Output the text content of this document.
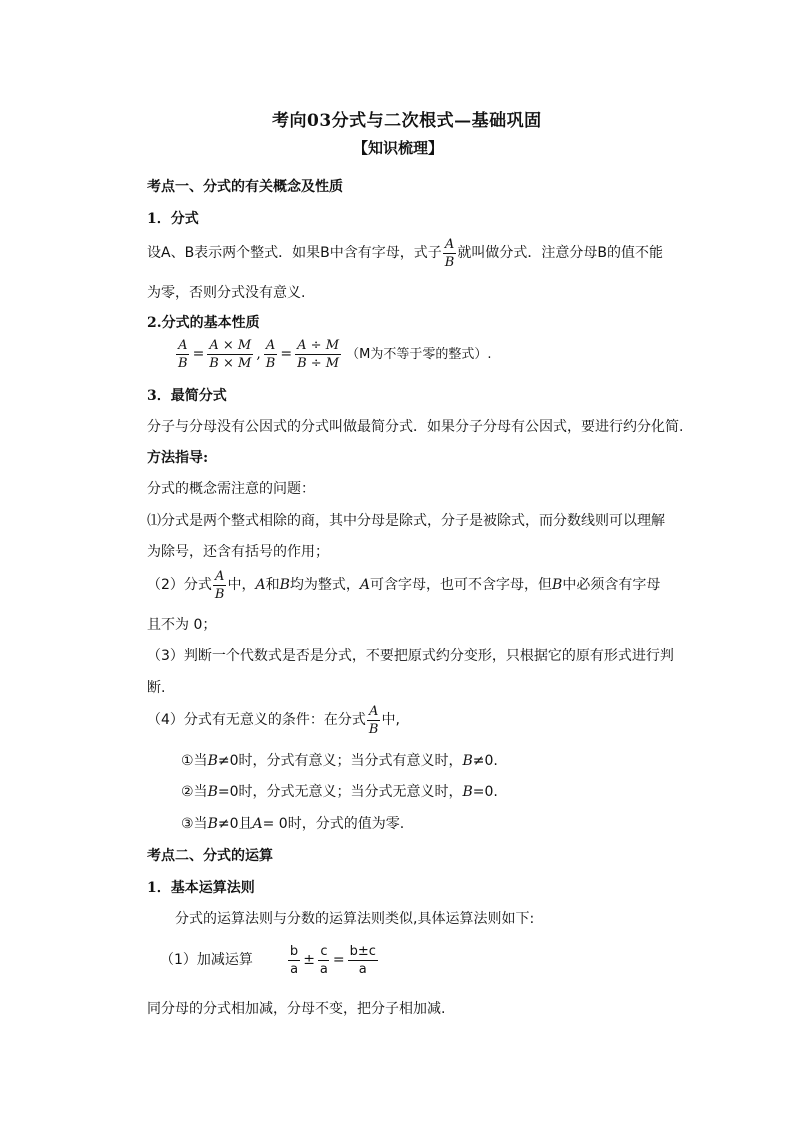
考向03分式与二次根式—基础巩固
【知识梳理】
考点一、分式的有关概念及性质
1．分式
设A、B表示两个整式．如果B中含有字母，式子 $\frac{A}{B}$ 就叫做分式．注意分母B的值不能
为零，否则分式没有意义.
2.分式的基本性质
$\frac{A}{B} = \frac{A \times M}{B \times M}$ , $\frac{A}{B} = \frac{A \div M}{B \div M} (M$为不等于零的整式）.
3．最简分式
分子与分母没有公因式的分式叫做最简分式．如果分子分母有公因式，要进行约分化简.
方法指导:
分式的概念需注意的问题：
⑴分式是两个整式相除的商，其中分母是除式，分子是被除式，而分数线则可以理解
为除号，还含有括号的作用；
（2）分式 $\frac{A}{B}$ 中，A和B均为整式，A可含字母，也可不含字母，但B中必须含有字母
且不为 0；
（3）判断一个代数式是否是分式，不要把原式约分变形，只根据它的原有形式进行判
断.
（4）分式有无意义的条件：在分式 $\frac{A}{B}$ 中,
①当B≠0时，分式有意义；当分式有意义时，B≠0.
②当B=0时，分式无意义；当分式无意义时，B=0.
③当B≠0且A= 0时，分式的值为零.
考点二、分式的运算
1．基本运算法则
分式的运算法则与分数的运算法则类似,具体运算法则如下:
（1）加减运算	$\frac{b}{a} \pm \frac{c}{a} = \frac{b\pm c}{a}$
同分母的分式相加减，分母不变，把分子相加减.
